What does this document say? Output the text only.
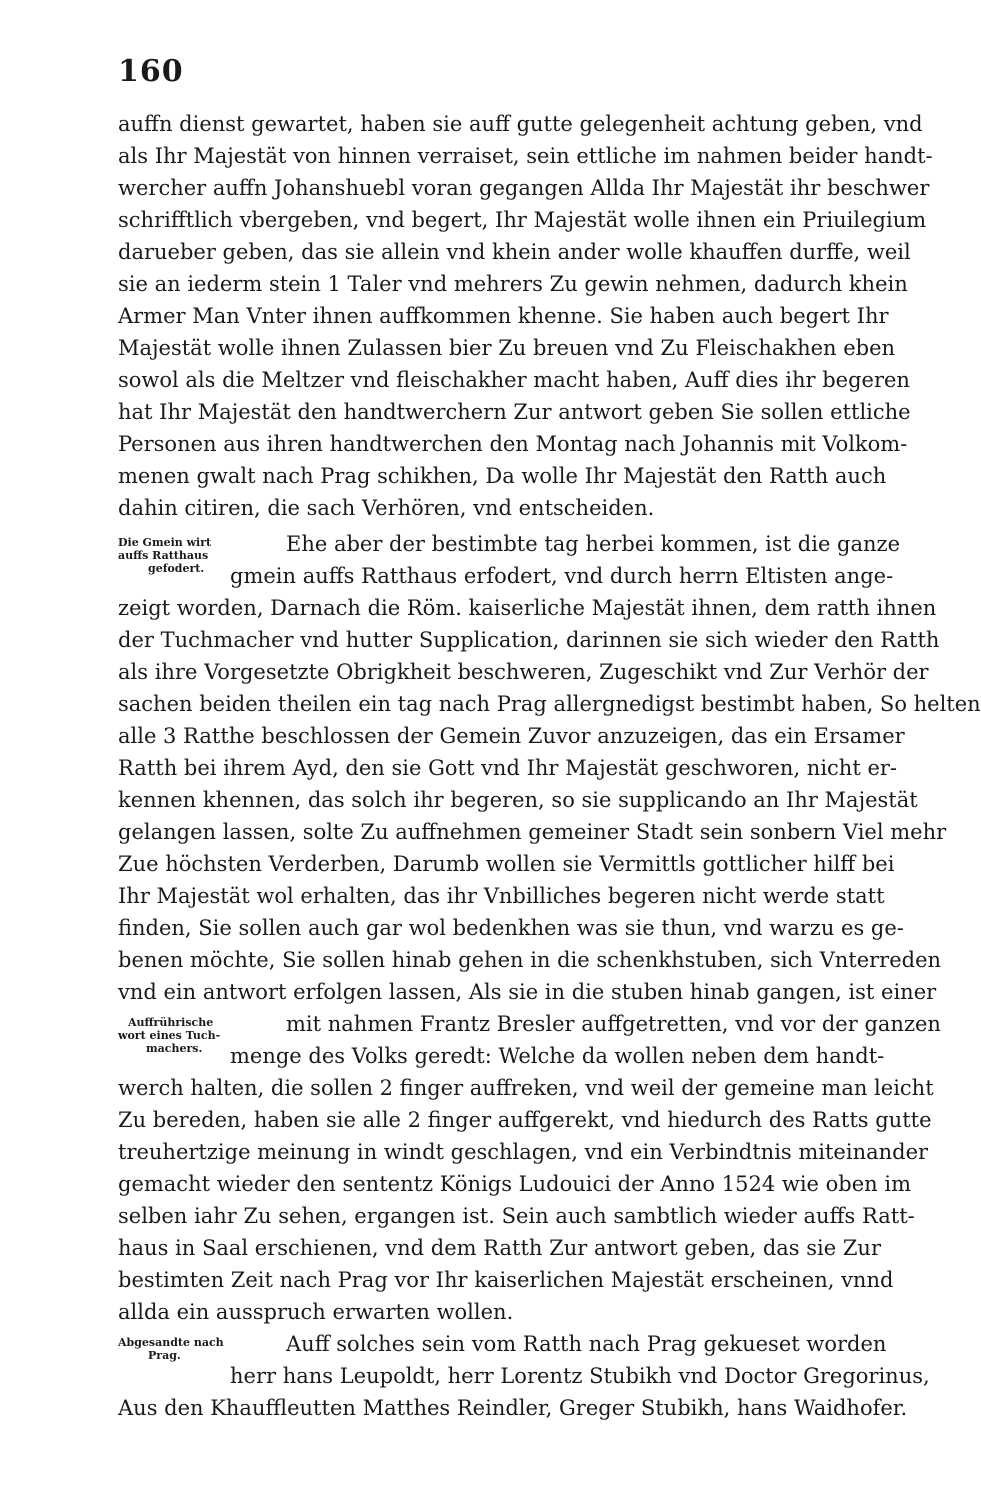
160
auffn dienst gewartet, haben sie auff gutte gelegenheit achtung geben, vnd
als Ihr Majestät von hinnen verraiset, sein ettliche im nahmen beider handt-
wercher auffn Johanshuebl voran gegangen Allda Ihr Majestät ihr beschwer
schrifftlich vbergeben, vnd begert, Ihr Majestät wolle ihnen ein Priuilegium
darueber geben, das sie allein vnd khein ander wolle khauffen durffe, weil
sie an iederm stein 1 Taler vnd mehrers Zu gewin nehmen, dadurch khein
Armer Man Vnter ihnen auffkommen khenne. Sie haben auch begert Ihr
Majestät wolle ihnen Zulassen bier Zu breuen vnd Zu Fleischakhen eben
sowol als die Meltzer vnd fleischakher macht haben, Auff dies ihr begeren
hat Ihr Majestät den handtwerchern Zur antwort geben Sie sollen ettliche
Personen aus ihren handtwerchen den Montag nach Johannis mit Volkom-
menen gwalt nach Prag schikhen, Da wolle Ihr Majestät den Ratth auch
dahin citiren, die sach Verhören, vnd entscheiden.
Die Gmein wirt
auffs Ratthaus
gefodert.
Ehe aber der bestimbte tag herbei kommen, ist die ganze
gmein auffs Ratthaus erfodert, vnd durch herrn Eltisten ange-
zeigt worden, Darnach die Röm. kaiserliche Majestät ihnen, dem ratth ihnen
der Tuchmacher vnd hutter Supplication, darinnen sie sich wieder den Ratth
als ihre Vorgesetzte Obrigkheit beschweren, Zugeschikt vnd Zur Verhör der
sachen beiden theilen ein tag nach Prag allergnedigst bestimbt haben, So helten
alle 3 Ratthe beschlossen der Gemein Zuvor anzuzeigen, das ein Ersamer
Ratth bei ihrem Ayd, den sie Gott vnd Ihr Majestät geschworen, nicht er-
kennen khennen, das solch ihr begeren, so sie supplicando an Ihr Majestät
gelangen lassen, solte Zu auffnehmen gemeiner Stadt sein sonbern Viel mehr
Zue höchsten Verderben, Darumb wollen sie Vermittls gottlicher hilff bei
Ihr Majestät wol erhalten, das ihr Vnbilliches begeren nicht werde statt
finden, Sie sollen auch gar wol bedenkhen was sie thun, vnd warzu es ge-
benen möchte, Sie sollen hinab gehen in die schenkhstuben, sich Vnterreden
vnd ein antwort erfolgen lassen, Als sie in die stuben hinab gangen, ist einer
Auffrührische
wort eines Tuch-
machers.
mit nahmen Frantz Bresler auffgetretten, vnd vor der ganzen
menge des Volks geredt: Welche da wollen neben dem handt-
werch halten, die sollen 2 finger auffreken, vnd weil der gemeine man leicht
Zu bereden, haben sie alle 2 finger auffgerekt, vnd hiedurch des Ratts gutte
treuhertzige meinung in windt geschlagen, vnd ein Verbindtnis miteinander
gemacht wieder den sententz Königs Ludouici der Anno 1524 wie oben im
selben iahr Zu sehen, ergangen ist. Sein auch sambtlich wieder auffs Ratt-
haus in Saal erschienen, vnd dem Ratth Zur antwort geben, das sie Zur
bestimten Zeit nach Prag vor Ihr kaiserlichen Majestät erscheinen, vnnd
allda ein ausspruch erwarten wollen.
Abgesandte nach
Prag.	Auff solches sein vom Ratth nach Prag gekueset worden
herr hans Leupoldt, herr Lorentz Stubikh vnd Doctor Gregorinus,
Aus den Khauffleutten Matthes Reindler, Greger Stubikh, hans Waidhofer.
